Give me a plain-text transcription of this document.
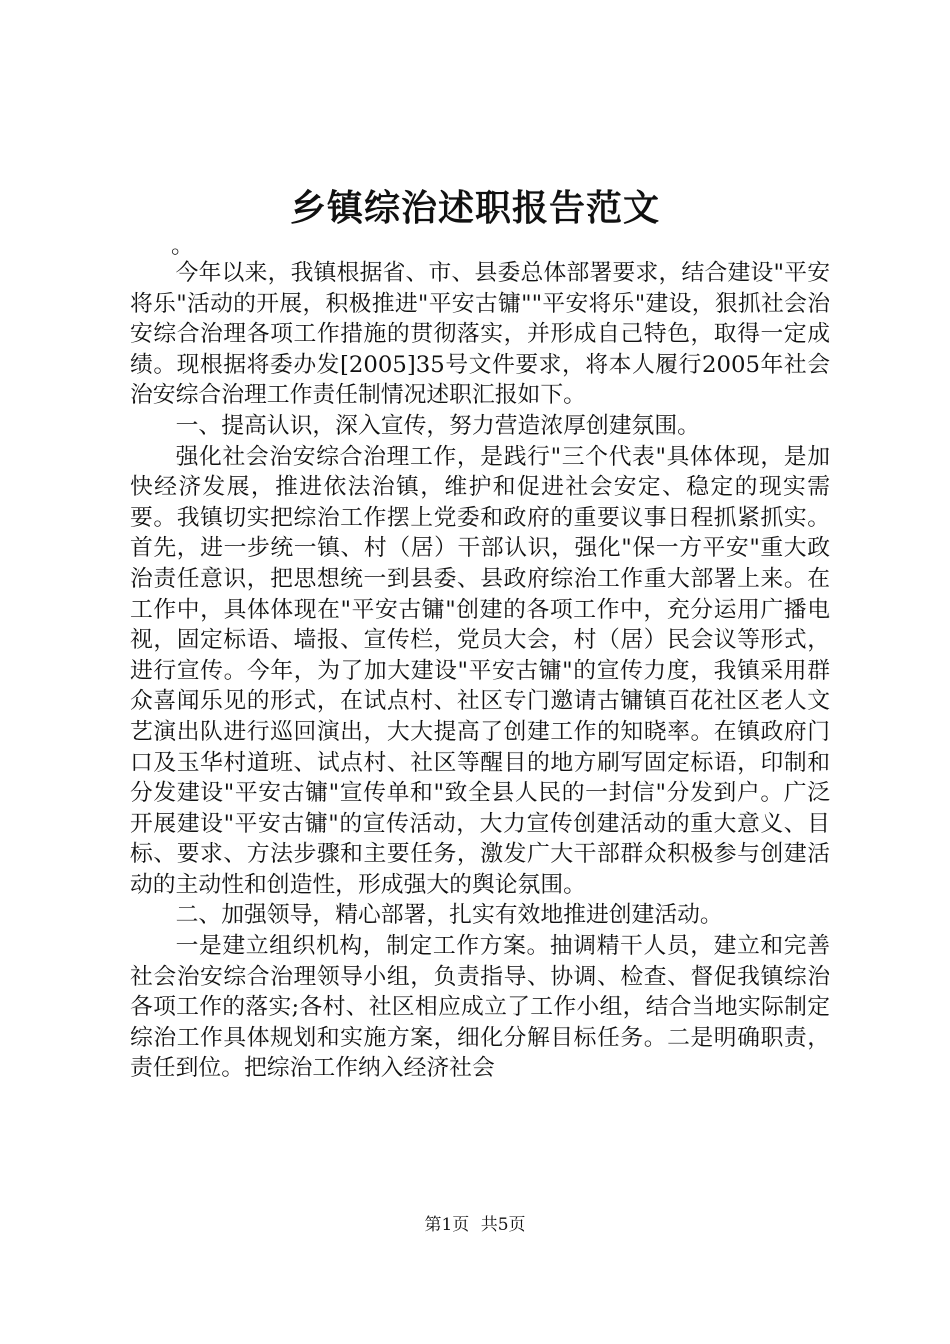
乡镇综治述职报告范文

。

今年以来，我镇根据省、市、县委总体部署要求，结合建设"平安将乐"活动的开展，积极推进"平安古镛""平安将乐"建设，狠抓社会治安综合治理各项工作措施的贯彻落实，并形成自己特色，取得一定成绩。现根据将委办发[2005]35号文件要求，将本人履行2005年社会治安综合治理工作责任制情况述职汇报如下。

一、提高认识，深入宣传，努力营造浓厚创建氛围。

强化社会治安综合治理工作，是践行"三个代表"具体体现，是加快经济发展，推进依法治镇，维护和促进社会安定、稳定的现实需要。我镇切实把综治工作摆上党委和政府的重要议事日程抓紧抓实。首先，进一步统一镇、村（居）干部认识，强化"保一方平安"重大政治责任意识，把思想统一到县委、县政府综治工作重大部署上来。在工作中，具体体现在"平安古镛"创建的各项工作中，充分运用广播电视，固定标语、墙报、宣传栏，党员大会，村（居）民会议等形式，进行宣传。今年，为了加大建设"平安古镛"的宣传力度，我镇采用群众喜闻乐见的形式，在试点村、社区专门邀请古镛镇百花社区老人文艺演出队进行巡回演出，大大提高了创建工作的知晓率。在镇政府门口及玉华村道班、试点村、社区等醒目的地方刷写固定标语，印制和分发建设"平安古镛"宣传单和"致全县人民的一封信"分发到户。广泛开展建设"平安古镛"的宣传活动，大力宣传创建活动的重大意义、目标、要求、方法步骤和主要任务，激发广大干部群众积极参与创建活动的主动性和创造性，形成强大的舆论氛围。

二、加强领导，精心部署，扎实有效地推进创建活动。

一是建立组织机构，制定工作方案。抽调精干人员，建立和完善社会治安综合治理领导小组，负责指导、协调、检查、督促我镇综治各项工作的落实;各村、社区相应成立了工作小组，结合当地实际制定综治工作具体规划和实施方案，细化分解目标任务。二是明确职责，责任到位。把综治工作纳入经济社会

第1页 共5页
